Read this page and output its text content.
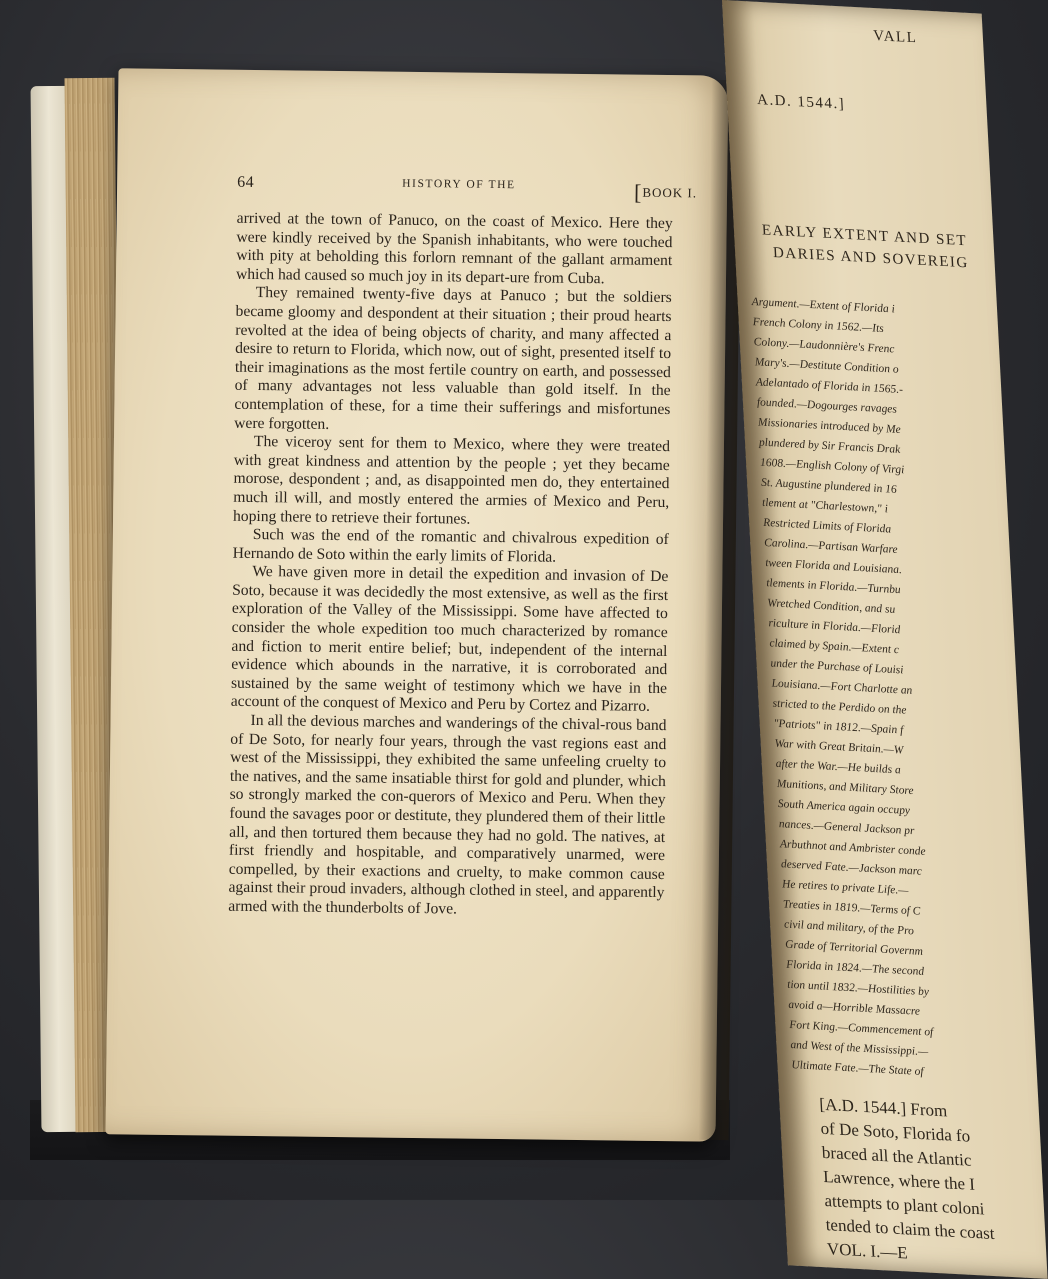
64	HISTORY OF THE	[BOOK I.

arrived at the town of Panuco, on the coast of Mexico. Here they were kindly received by the Spanish inhabitants, who were touched with pity at beholding this forlorn remnant of the gallant armament which had caused so much joy in its depart-ure from Cuba.

They remained twenty-five days at Panuco ; but the soldiers became gloomy and despondent at their situation ; their proud hearts revolted at the idea of being objects of charity, and many affected a desire to return to Florida, which now, out of sight, presented itself to their imaginations as the most fertile country on earth, and possessed of many advantages not less valuable than gold itself. In the contemplation of these, for a time their sufferings and misfortunes were forgotten.

The viceroy sent for them to Mexico, where they were treated with great kindness and attention by the people ; yet they became morose, despondent ; and, as disappointed men do, they entertained much ill will, and mostly entered the armies of Mexico and Peru, hoping there to retrieve their fortunes.

Such was the end of the romantic and chivalrous expedition of Hernando de Soto within the early limits of Florida.

We have given more in detail the expedition and invasion of De Soto, because it was decidedly the most extensive, as well as the first exploration of the Valley of the Mississippi. Some have affected to consider the whole expedition too much characterized by romance and fiction to merit entire belief; but, independent of the internal evidence which abounds in the narrative, it is corroborated and sustained by the same weight of testimony which we have in the account of the conquest of Mexico and Peru by Cortez and Pizarro.

In all the devious marches and wanderings of the chival-rous band of De Soto, for nearly four years, through the vast regions east and west of the Mississippi, they exhibited the same unfeeling cruelty to the natives, and the same insatiable thirst for gold and plunder, which so strongly marked the con-querors of Mexico and Peru. When they found the savages poor or destitute, they plundered them of their little all, and then tortured them because they had no gold. The natives, at first friendly and hospitable, and comparatively unarmed, were compelled, by their exactions and cruelty, to make common cause against their proud invaders, although clothed in steel, and apparently armed with the thunderbolts of Jove.

VALL
A.D. 1544.]
EARLY EXTENT AND SET
DARIES AND SOVEREIG
Argument.—Extent of Florida i
French Colony in 1562.—Its
Colony.—Laudonnière's Frenc
Mary's.—Destitute Condition o
Adelantado of Florida in 1565.-
founded.—Dogourges ravages
Missionaries introduced by Me
plundered by Sir Francis Drak
1608.—English Colony of Virgi
St. Augustine plundered in 16
tlement at "Charlestown," i
Restricted Limits of Florida
Carolina.—Partisan Warfare
tween Florida and Louisiana.
tlements in Florida.—Turnbu
Wretched Condition, and su
riculture in Florida.—Florid
claimed by Spain.—Extent c
under the Purchase of Louisi
Louisiana.—Fort Charlotte an
stricted to the Perdido on the
"Patriots" in 1812.—Spain f
War with Great Britain.—W
after the War.—He builds a
Munitions, and Military Store
South America again occupy
nances.—General Jackson pr
Arbuthnot and Ambrister conde
deserved Fate.—Jackson marc
He retires to private Life.—
Treaties in 1819.—Terms of C
civil and military, of the Pro
Grade of Territorial Governm
Florida in 1824.—The second
tion until 1832.—Hostilities by
avoid a—Horrible Massacre
Fort King.—Commencement of
and West of the Mississippi.—
Ultimate Fate.—The State of
[A.D. 1544.] From
of De Soto, Florida fo
braced all the Atlantic
Lawrence, where the I
attempts to plant coloni
tended to claim the coast
VOL. I.—E
